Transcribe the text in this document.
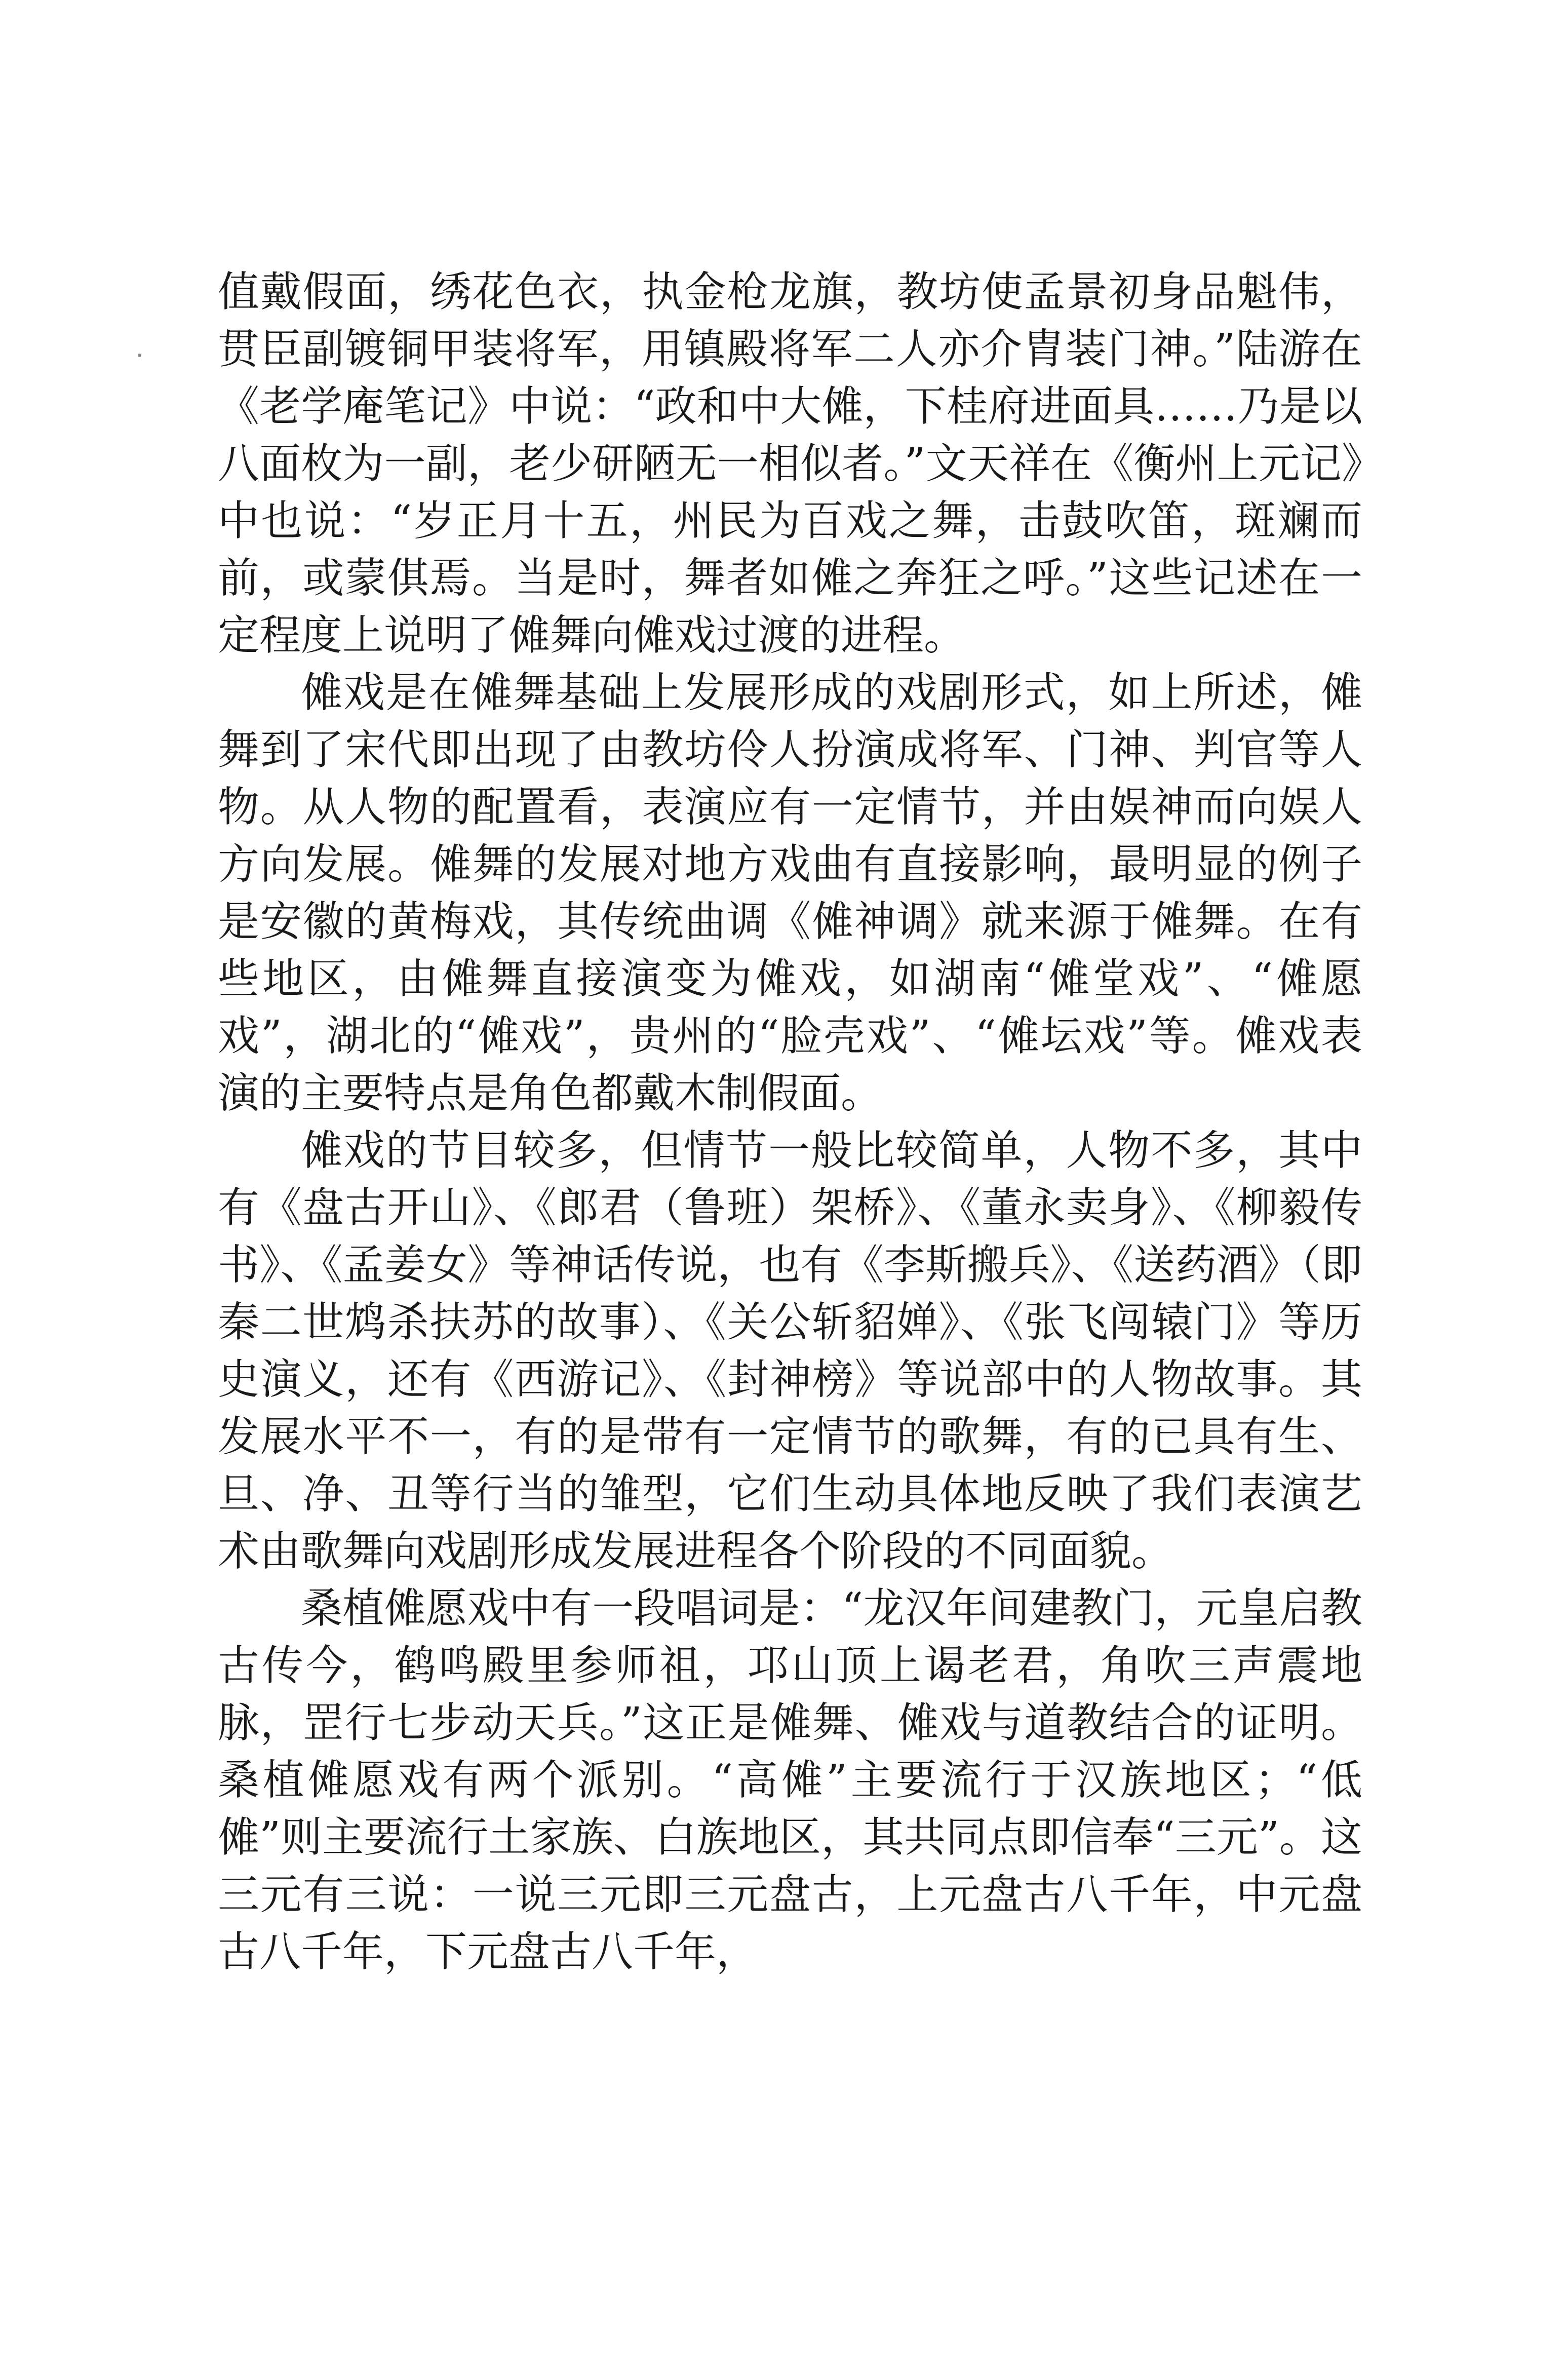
值戴假面，绣花色衣，执金枪龙旗，教坊使孟景初身品魁伟，贯臣副镀铜甲装将军，用镇殿将军二人亦介胄装门神。”陆游在《老学庵笔记》中说：“政和中大傩，下桂府进面具……乃是以八面枚为一副，老少研陋无一相似者。”文天祥在《衡州上元记》中也说：“岁正月十五，州民为百戏之舞，击鼓吹笛，斑斓而前，或蒙倛焉。当是时，舞者如傩之奔狂之呼。”这些记述在一定程度上说明了傩舞向傩戏过渡的进程。

傩戏是在傩舞基础上发展形成的戏剧形式，如上所述，傩舞到了宋代即出现了由教坊伶人扮演成将军、门神、判官等人物。从人物的配置看，表演应有一定情节，并由娱神而向娱人方向发展。傩舞的发展对地方戏曲有直接影响，最明显的例子是安徽的黄梅戏，其传统曲调《傩神调》就来源于傩舞。在有些地区，由傩舞直接演变为傩戏，如湖南“傩堂戏”、“傩愿戏”，湖北的“傩戏”，贵州的“脸壳戏”、“傩坛戏”等。傩戏表演的主要特点是角色都戴木制假面。

傩戏的节目较多，但情节一般比较简单，人物不多，其中有《盘古开山》、《郎君（鲁班）架桥》、《董永卖身》、《柳毅传书》、《孟姜女》等神话传说，也有《李斯搬兵》、《送药酒》（即秦二世鸩杀扶苏的故事）、《关公斩貂婵》、《张飞闯辕门》等历史演义，还有《西游记》、《封神榜》等说部中的人物故事。其发展水平不一，有的是带有一定情节的歌舞，有的已具有生、旦、净、丑等行当的雏型，它们生动具体地反映了我们表演艺术由歌舞向戏剧形成发展进程各个阶段的不同面貌。

桑植傩愿戏中有一段唱词是：“龙汉年间建教门，元皇启教古传今，鹤鸣殿里参师祖，邛山顶上谒老君，角吹三声震地脉，罡行七步动天兵。”这正是傩舞、傩戏与道教结合的证明。桑植傩愿戏有两个派别。“高傩”主要流行于汉族地区；“低傩”则主要流行土家族、白族地区，其共同点即信奉“三元”。这三元有三说：一说三元即三元盘古，上元盘古八千年，中元盘古八千年，下元盘古八千年，
